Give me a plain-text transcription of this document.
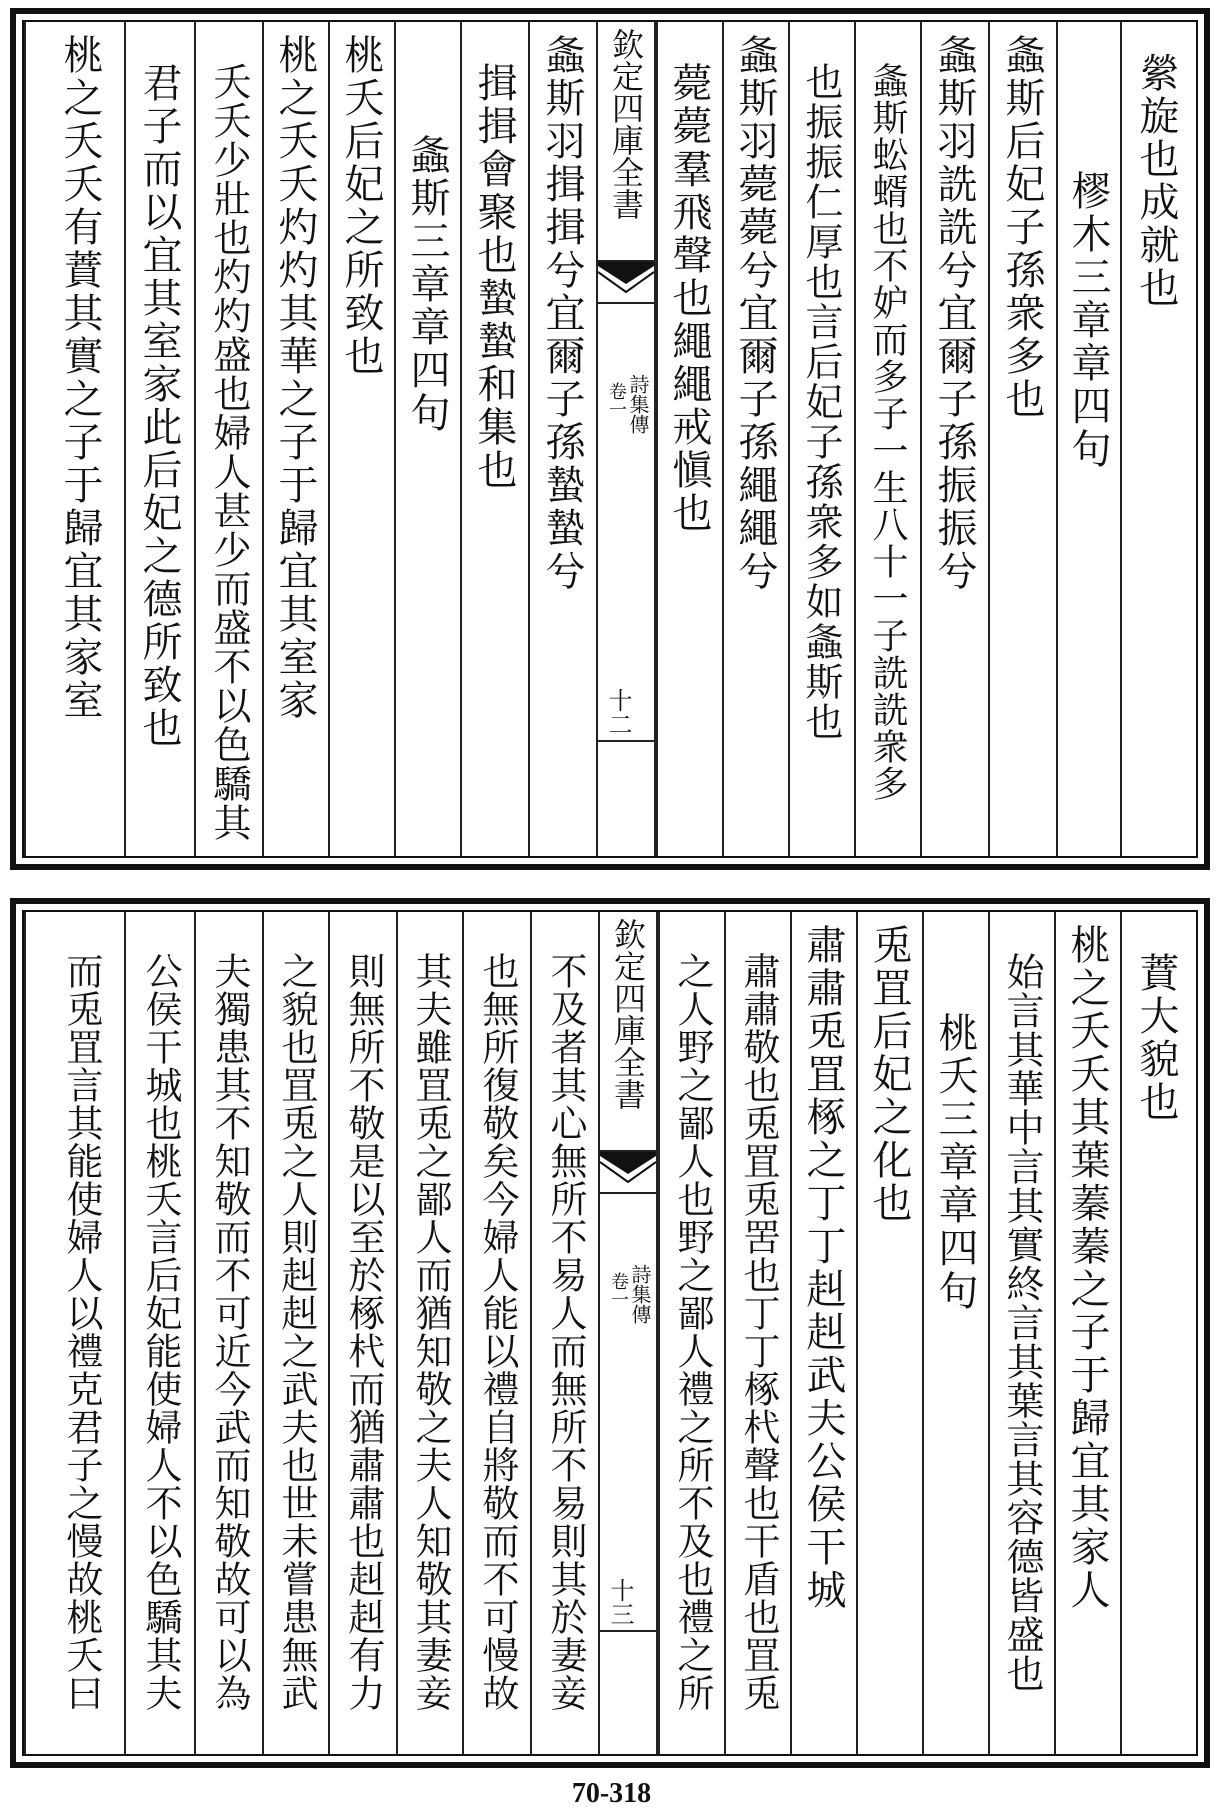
縈旋也成就也
樛木三章章四句
螽斯后妃子孫衆多也
螽斯羽詵詵兮宜爾子孫振振兮
螽斯蚣蝑也不妒而多子一生八十一子詵詵衆多
也振振仁厚也言后妃子孫衆多如螽斯也
螽斯羽薨薨兮宜爾子孫繩繩兮
薨薨羣飛聲也繩繩戒愼也
欽定四庫全書
詩集傳
卷一
十二
螽斯羽揖揖兮宜爾子孫蟄蟄兮
揖揖會聚也蟄蟄和集也
螽斯三章章四句
桃夭后妃之所致也
桃之夭夭灼灼其華之子于歸宜其室家
夭夭少壯也灼灼盛也婦人甚少而盛不以色驕其
君子而以宜其室家此后妃之德所致也
桃之夭夭有蕡其實之子于歸宜其家室
蕡大貌也
桃之夭夭其葉蓁蓁之子于歸宜其家人
始言其華中言其實終言其葉言其容德皆盛也
桃夭三章章四句
兎罝后妃之化也
肅肅兎罝椓之丁丁赳赳武夫公侯干城
肅肅敬也兎罝兎罟也丁丁椓杙聲也干盾也罝兎
之人野之鄙人也野之鄙人禮之所不及也禮之所
欽定四庫全書
詩集傳
卷一
十三
不及者其心無所不易人而無所不易則其於妻妾
也無所復敬矣今婦人能以禮自將敬而不可慢故
其夫雖罝兎之鄙人而猶知敬之夫人知敬其妻妾
則無所不敬是以至於椓杙而猶肅肅也赳赳有力
之貌也罝兎之人則赳赳之武夫也世未嘗患無武
夫獨患其不知敬而不可近今武而知敬故可以為
公侯干城也桃夭言后妃能使婦人不以色驕其夫
而兎罝言其能使婦人以禮克君子之慢故桃夭曰
70-318
